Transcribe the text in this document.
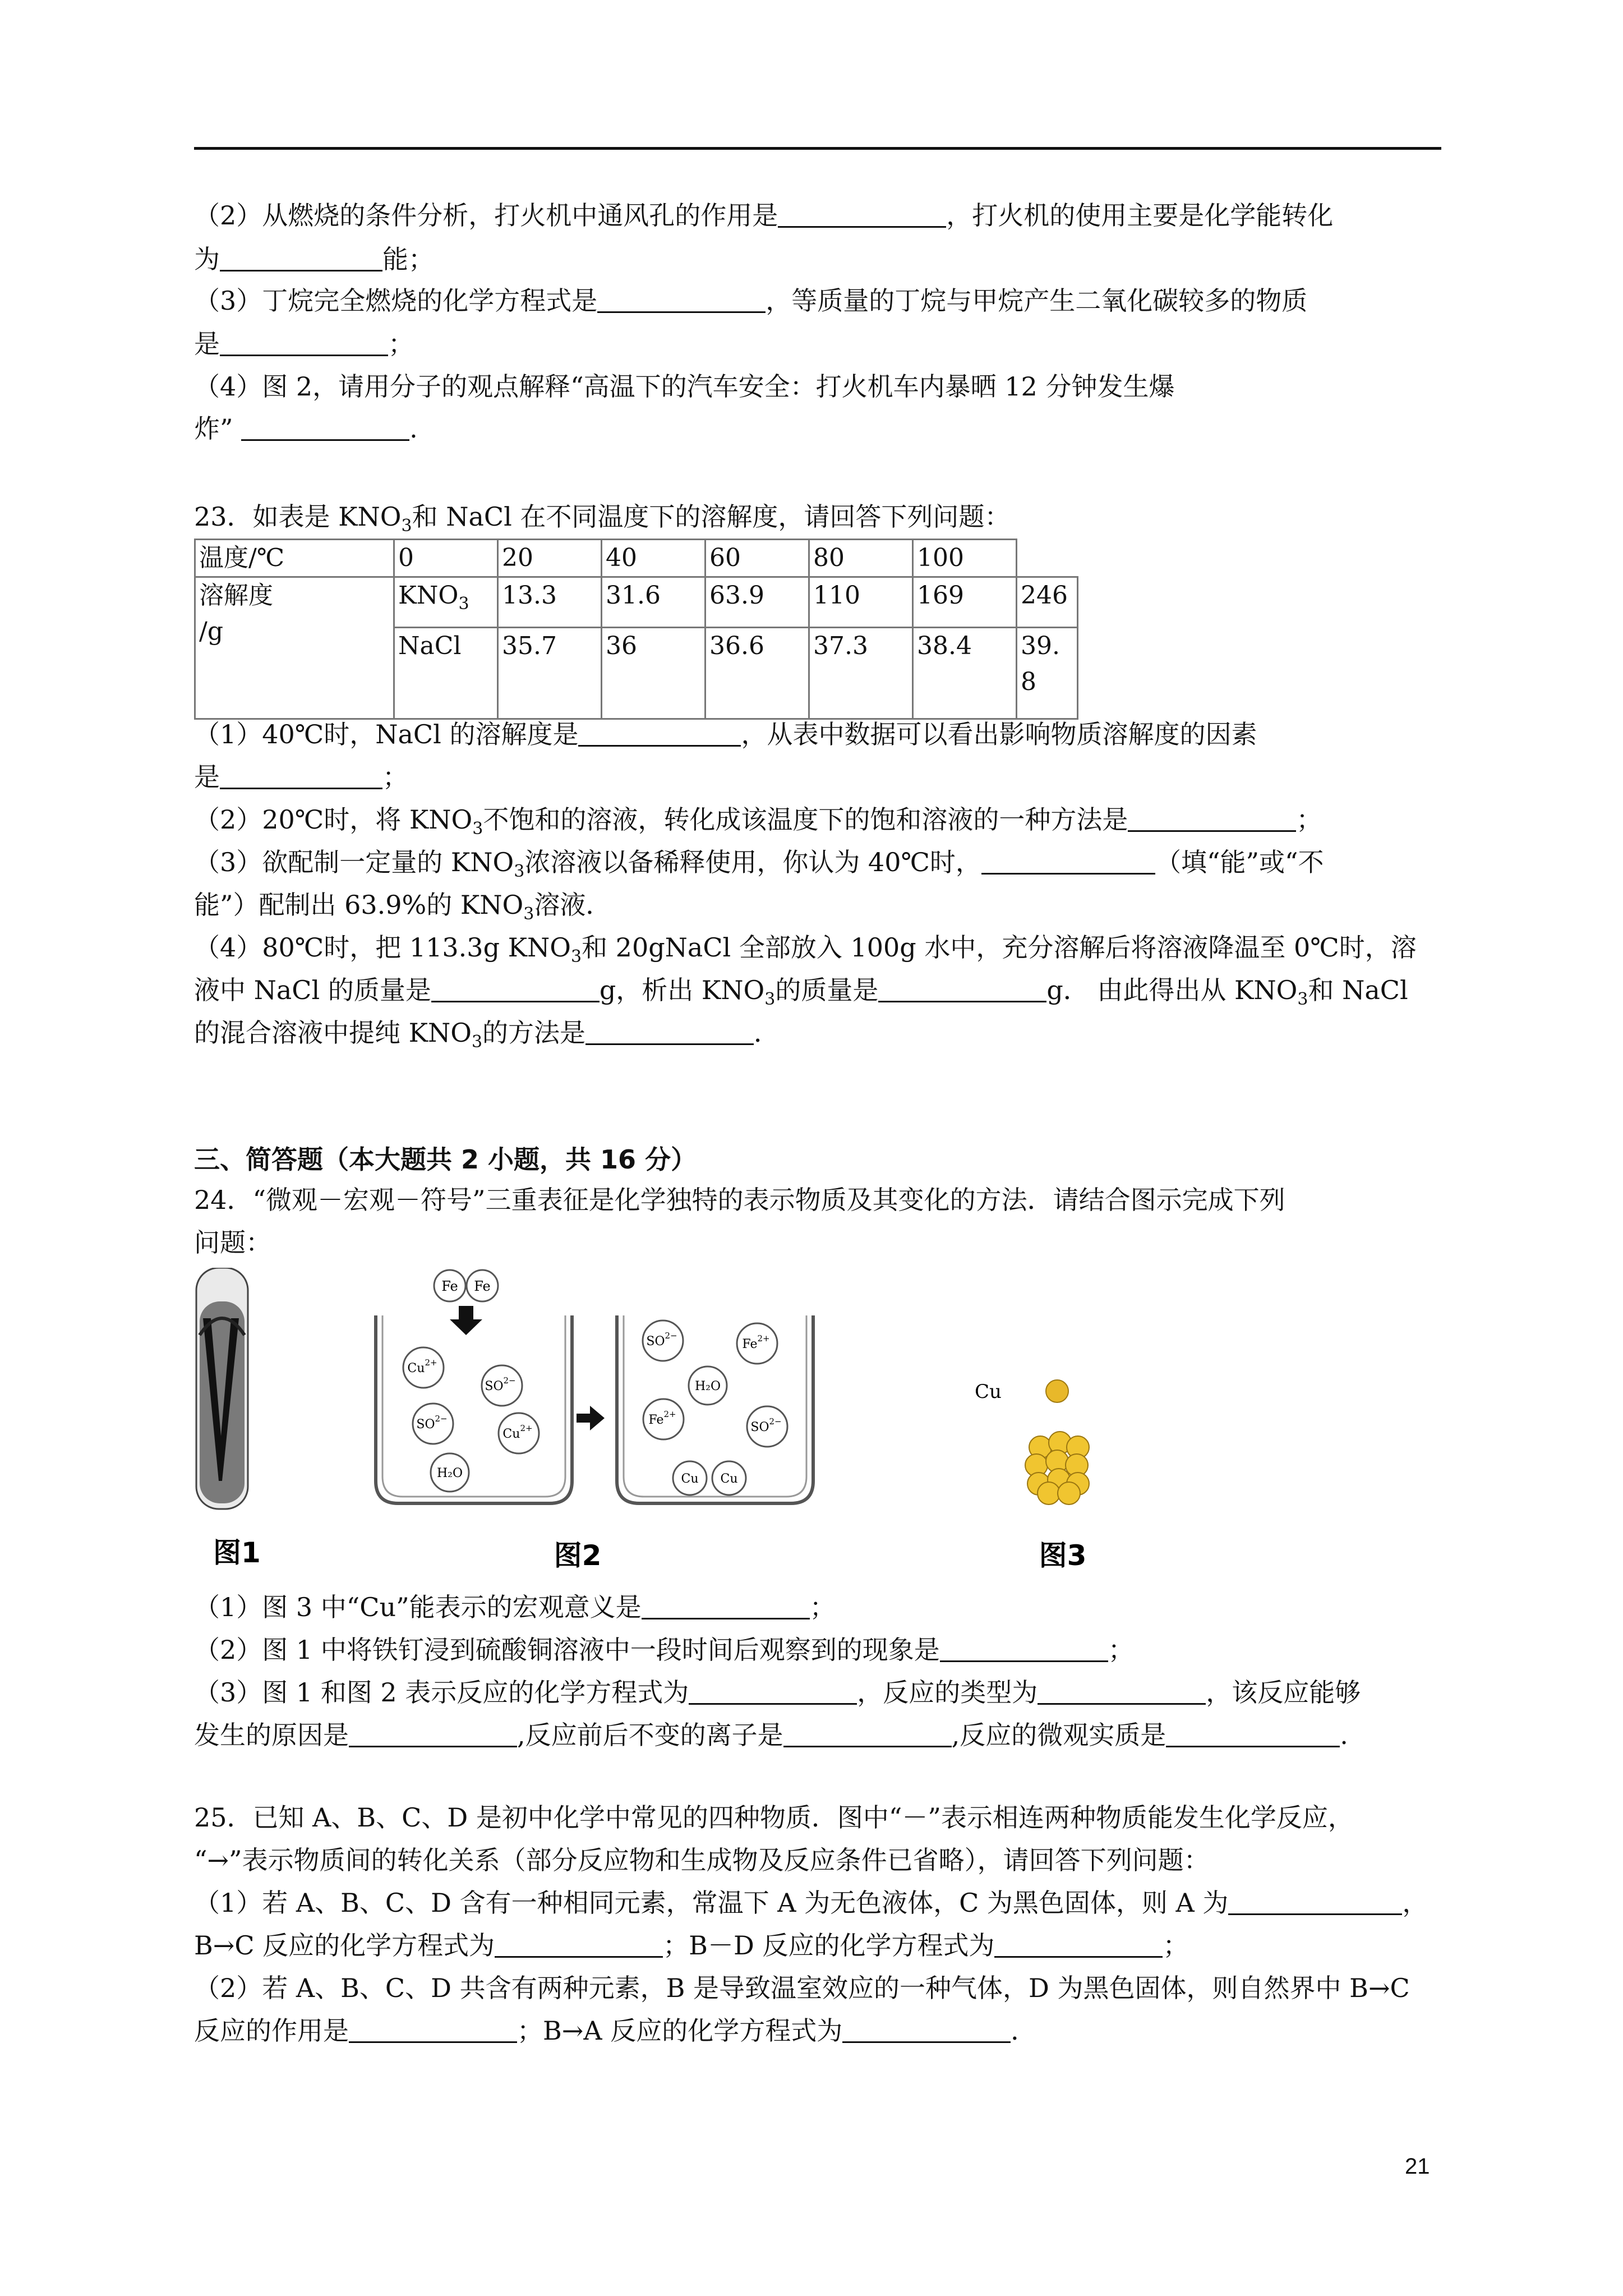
（2）从燃烧的条件分析，打火机中通风孔的作用是	，打火机的使用主要是化学能转化
为	能；
（3）丁烷完全燃烧的化学方程式是	，等质量的丁烷与甲烷产生二氧化碳较多的物质
是	；
（4）图 2，请用分子的观点解释“高温下的汽车安全：打火机车内暴晒 12 分钟发生爆
炸”	.
23．如表是 $KNO_3$和 NaCl 在不同温度下的溶解度，请回答下列问题：
温度/℃	0	20	40	60	80	100	

溶解度
/g	$KNO_3$	13.3	31.6	63.9	110	169	246
	NaCl	35.7	36	36.6	37.3	38.4	39.
8
（1）40℃时，NaCl 的溶解度是	，从表中数据可以看出影响物质溶解度的因素
是	；
（2）20℃时，将 $KNO_3$不饱和的溶液，转化成该温度下的饱和溶液的一种方法是	；
（3）欲配制一定量的 $KNO_3$浓溶液以备稀释使用，你认为 40℃时，	（填“能”或“不
能”）配制出 63.9%的 $KNO_3$溶液．
（4）80℃时，把 113.3g $KNO_3$和 20gNaCl 全部放入 100g 水中，充分溶解后将溶液降温至 0℃时，溶
液中 NaCl 的质量是	g，析出 $KNO_3$的质量是	g． 由此得出从 $KNO_3$和 NaCl
的混合溶液中提纯 $KNO_3$的方法是	．
三、简答题（本大题共 2 小题，共 16 分）
24．“微观－宏观－符号”三重表征是化学独特的表示物质及其变化的方法．请结合图示完成下列
问题：
图1
Fe Fe
$Cu^{2+}$
$SO^{2-}$
$SO^{2-}$
$Cu^{2+}$
H₂O
$SO^{2-}$
$Fe^{2+}$
H₂O
$Fe^{2+}$
$SO^{2-}$
Cu Cu
图2
Cu
图3
（1）图 3 中“Cu”能表示的宏观意义是	；
（2）图 1 中将铁钉浸到硫酸铜溶液中一段时间后观察到的现象是	；
（3）图 1 和图 2 表示反应的化学方程式为	，反应的类型为	，该反应能够
发生的原因是	,反应前后不变的离子是	,反应的微观实质是	.
25．已知 A、B、C、D 是初中化学中常见的四种物质．图中“－”表示相连两种物质能发生化学反应，
“→”表示物质间的转化关系（部分反应物和生成物及反应条件已省略），请回答下列问题：
（1）若 A、B、C、D 含有一种相同元素，常温下 A 为无色液体，C 为黑色固体，则 A 为	，
B→C 反应的化学方程式为	；B－D 反应的化学方程式为	；
（2）若 A、B、C、D 共含有两种元素，B 是导致温室效应的一种气体，D 为黑色固体，则自然界中 B→C
反应的作用是	；B→A 反应的化学方程式为	．
21
